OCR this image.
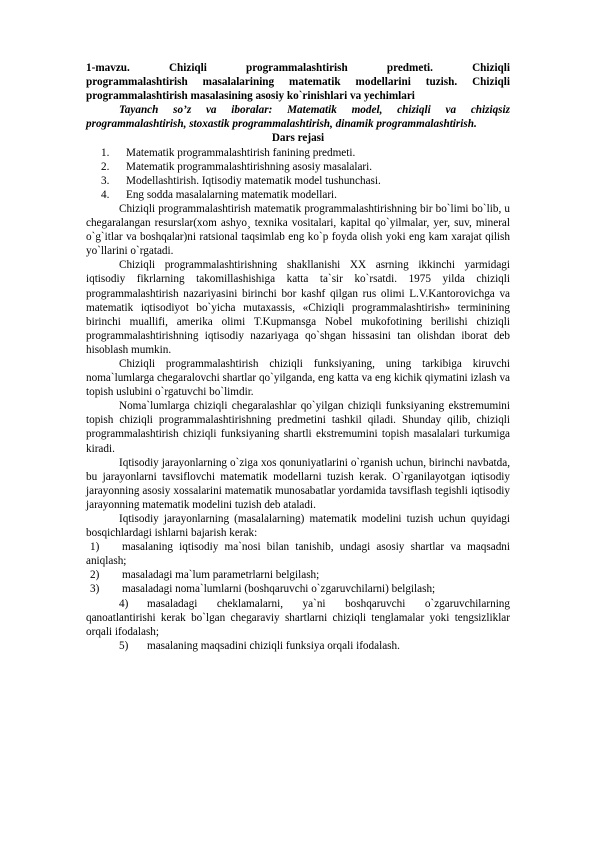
1-mavzu. Chiziqli programmalashtirish predmeti. Chiziqli
programmalashtirish masalalarining matematik modellarini tuzish. Chiziqli
programmalashtirish masalasining asosiy ko`rinishlari va yechimlari

Tayanch so’z va iboralar: Matematik model, chiziqli va chiziqsiz programmalashtirish, stoxastik programmalashtirish, dinamik programmalashtirish.

Dars rejasi
1. Matematik programmalashtirish fanining predmeti.
2. Matematik programmalashtirishning asosiy masalalari.
3. Modellashtirish. Iqtisodiy matematik model tushunchasi.
4. Eng sodda masalalarning matematik modellari.

Chiziqli programmalashtirish matematik programmalashtirishning bir bo`limi bo`lib, u chegaralangan resurslar(xom ashyo¸ texnika vositalari, kapital qo`yilmalar, yer, suv, mineral o`g`itlar va boshqalar)ni ratsional taqsimlab eng ko`p foyda olish yoki eng kam xarajat qilish yo`llarini o`rgatadi.

Chiziqli programmalashtirishning shakllanishi XX asrning ikkinchi yarmidagi iqtisodiy fikrlarning takomillashishiga katta ta`sir ko`rsatdi. 1975 yilda chiziqli programmalashtirish nazariyasini birinchi bor kashf qilgan rus olimi L.V.Kantorovichga va matematik iqtisodiyot bo`yicha mutaxassis, «Chiziqli programmalashtirish» terminining birinchi muallifi, amerika olimi T.Kupmansga Nobel mukofotining berilishi chiziqli programmalashtirishning iqtisodiy nazariyaga qo`shgan hissasini tan olishdan iborat deb hisoblash mumkin.

Chiziqli programmalashtirish chiziqli funksiyaning, uning tarkibiga kiruvchi noma`lumlarga chegaralovchi shartlar qo`yilganda, eng katta va eng kichik qiymatini izlash va topish uslubini o`rgatuvchi bo`limdir.

Noma`lumlarga chiziqli chegaralashlar qo`yilgan chiziqli funksiyaning ekstremumini topish chiziqli programmalashtirishning predmetini tashkil qiladi. Shunday qilib, chiziqli programmalashtirish chiziqli funksiyaning shartli ekstremumini topish masalalari turkumiga kiradi.

Iqtisodiy jarayonlarning o`ziga xos qonuniyatlarini o`rganish uchun, birinchi navbatda, bu jarayonlarni tavsiflovchi matematik modellarni tuzish kerak. O`rganilayotgan iqtisodiy jarayonning asosiy xossalarini matematik munosabatlar yordamida tavsiflash tegishli iqtisodiy jarayonning matematik modelini tuzish deb ataladi.

Iqtisodiy jarayonlarning (masalalarning) matematik modelini tuzish uchun quyidagi bosqichlardagi ishlarni bajarish kerak:

1) masalaning iqtisodiy ma`nosi bilan tanishib, undagi asosiy shartlar va maqsadni aniqlash;
2) masaladagi ma`lum parametrlarni belgilash;
3) masaladagi noma`lumlarni (boshqaruvchi o`zgaruvchilarni) belgilash;

4) masaladagi cheklamalarni, ya`ni boshqaruvchi o`zgaruvchilarning qanoatlantirishi kerak bo`lgan chegaraviy shartlarni chiziqli tenglamalar yoki tengsizliklar orqali ifodalash;

5) masalaning maqsadini chiziqli funksiya orqali ifodalash.
